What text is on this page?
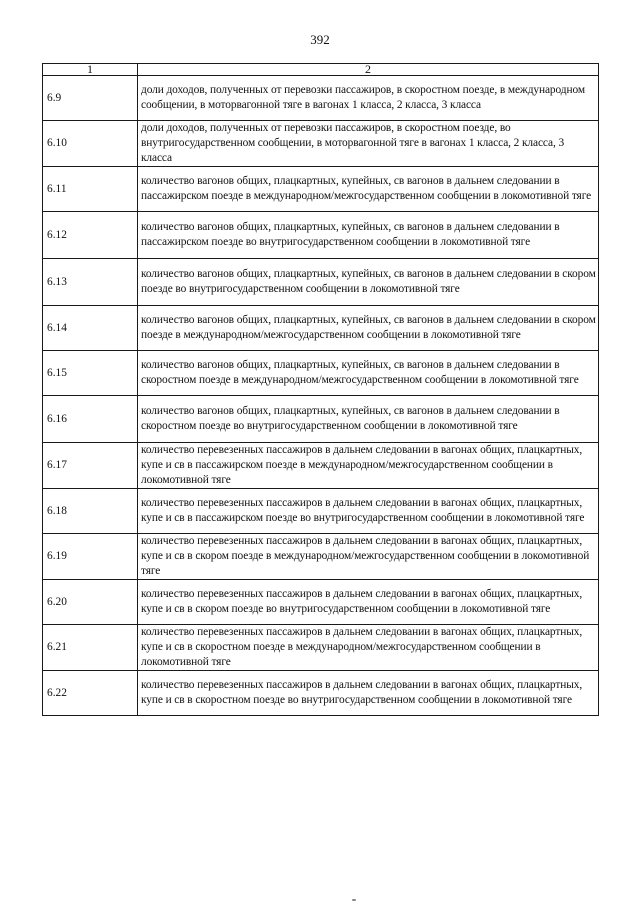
392
1	2
6.9	доли доходов, полученных от перевозки пассажиров, в скоростном поезде, в международном сообщении, в моторвагонной тяге в вагонах 1 класса, 2 класса, 3 класса
6.10	доли доходов, полученных от перевозки пассажиров, в скоростном поезде, во внутригосударственном сообщении, в моторвагонной тяге в вагонах 1 класса, 2 класса, 3 класса
6.11	количество вагонов общих, плацкартных, купейных, св вагонов в дальнем следовании в пассажирском поезде в международном/межгосударственном сообщении в локомотивной тяге
6.12	количество вагонов общих, плацкартных, купейных, св вагонов в дальнем следовании в пассажирском поезде во внутригосударственном сообщении в локомотивной тяге
6.13	количество вагонов общих, плацкартных, купейных, св вагонов в дальнем следовании в скором поезде во внутригосударственном сообщении в локомотивной тяге
6.14	количество вагонов общих, плацкартных, купейных, св вагонов в дальнем следовании в скором поезде в международном/межгосударственном сообщении в локомотивной тяге
6.15	количество вагонов общих, плацкартных, купейных, св вагонов в дальнем следовании в скоростном поезде в международном/межгосударственном сообщении в локомотивной тяге
6.16	количество вагонов общих, плацкартных, купейных, св вагонов в дальнем следовании в скоростном поезде во внутригосударственном сообщении в локомотивной тяге
6.17	количество перевезенных пассажиров в дальнем следовании в вагонах общих, плацкартных, купе и св в пассажирском поезде в международном/межгосударственном сообщении в локомотивной тяге
6.18	количество перевезенных пассажиров в дальнем следовании в вагонах общих, плацкартных, купе и св в пассажирском поезде во внутригосударственном сообщении в локомотивной тяге
6.19	количество перевезенных пассажиров в дальнем следовании в вагонах общих, плацкартных, купе и св в скором поезде в международном/межгосударственном сообщении в локомотивной тяге
6.20	количество перевезенных пассажиров в дальнем следовании в вагонах общих, плацкартных, купе и св в скором поезде во внутригосударственном сообщении в локомотивной тяге
6.21	количество перевезенных пассажиров в дальнем следовании в вагонах общих, плацкартных, купе и св в скоростном поезде в международном/межгосударственном сообщении в локомотивной тяге
6.22	количество перевезенных пассажиров в дальнем следовании в вагонах общих, плацкартных, купе и св в скоростном поезде во внутригосударственном сообщении в локомотивной тяге
